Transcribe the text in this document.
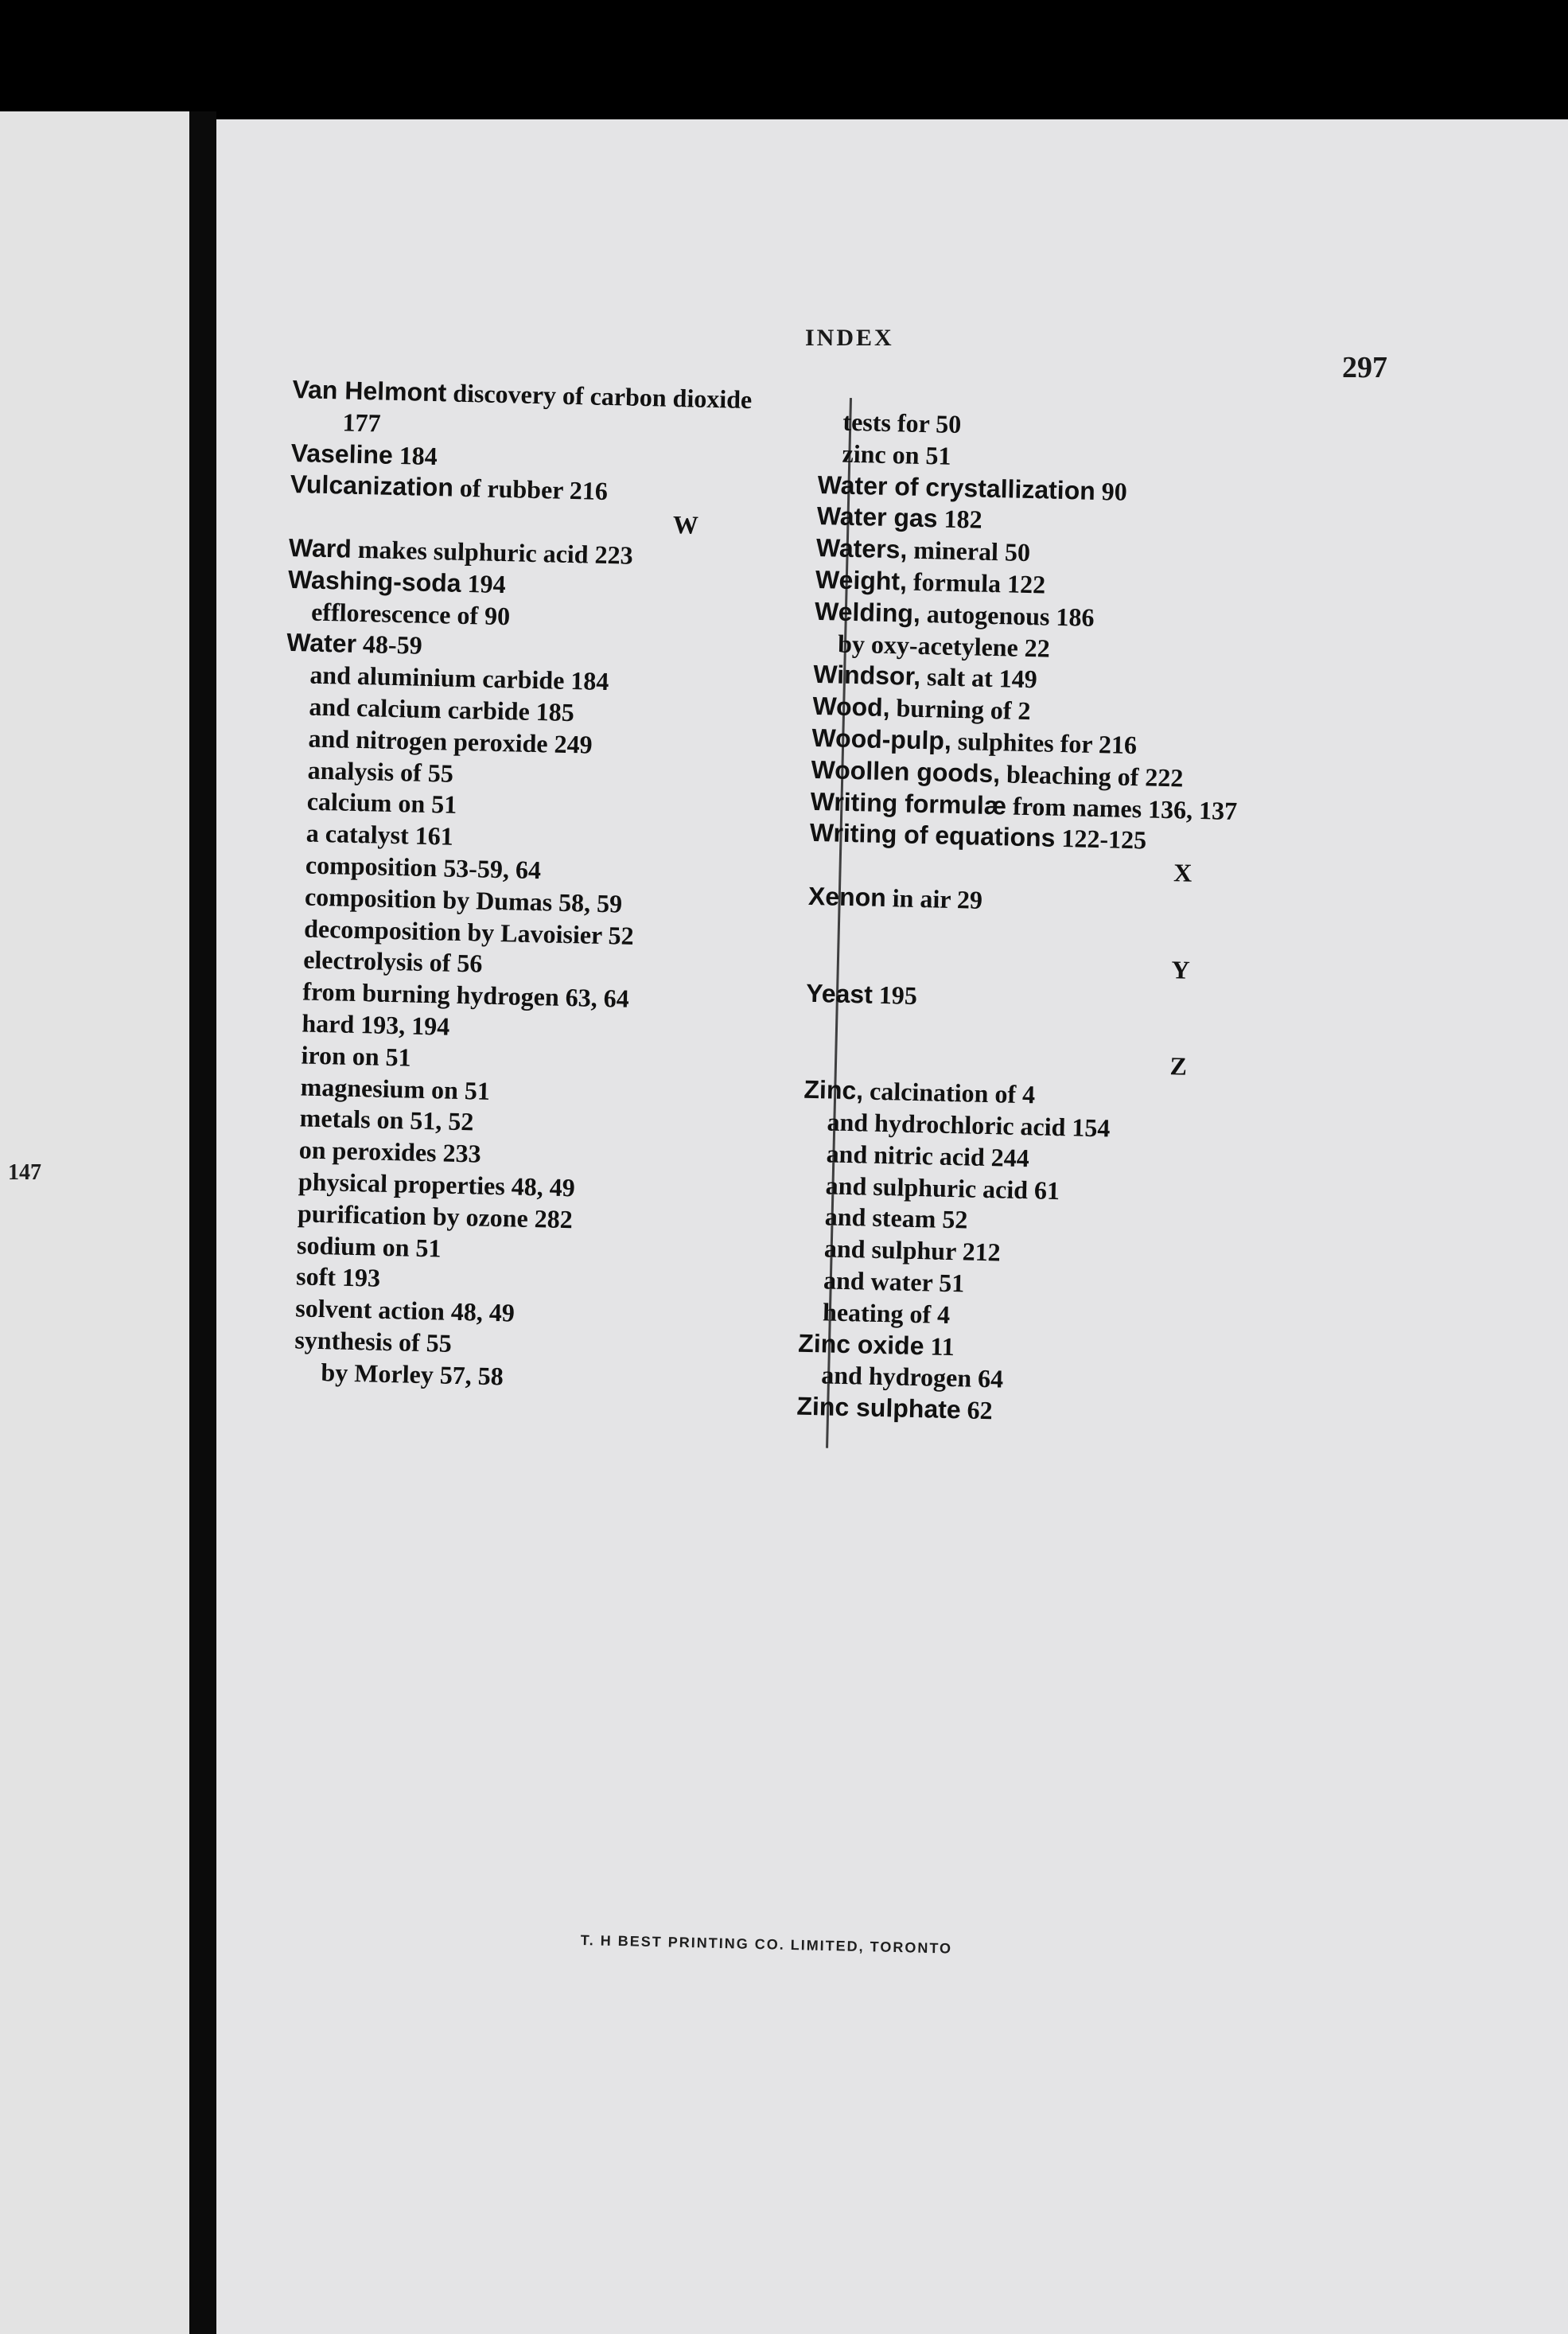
147
INDEX
297
Van Helmont discovery of carbon dioxide
177
Vaseline 184
Vulcanization of rubber 216
W
Ward makes sulphuric acid 223
Washing-soda 194
efflorescence of 90
Water 48-59
and aluminium carbide 184
and calcium carbide 185
and nitrogen peroxide 249
analysis of 55
calcium on 51
a catalyst 161
composition 53-59, 64
composition by Dumas 58, 59
decomposition by Lavoisier 52
electrolysis of 56
from burning hydrogen 63, 64
hard 193, 194
iron on 51
magnesium on 51
metals on 51, 52
on peroxides 233
physical properties 48, 49
purification by ozone 282
sodium on 51
soft 193
solvent action 48, 49
synthesis of 55
by Morley 57, 58
tests for 50
zinc on 51
Water of crystallization 90
Water gas 182
Waters, mineral 50
Weight, formula 122
Welding, autogenous 186
by oxy-acetylene 22
Windsor, salt at 149
Wood, burning of 2
Wood-pulp, sulphites for 216
Woollen goods, bleaching of 222
Writing formulæ from names 136, 137
Writing of equations 122-125
X
Xenon in air 29
Y
Yeast 195
Z
Zinc, calcination of 4
and hydrochloric acid 154
and nitric acid 244
and sulphuric acid 61
and steam 52
and sulphur 212
and water 51
heating of 4
Zinc oxide 11
and hydrogen 64
Zinc sulphate 62
T. H BEST PRINTING CO. LIMITED, TORONTO
